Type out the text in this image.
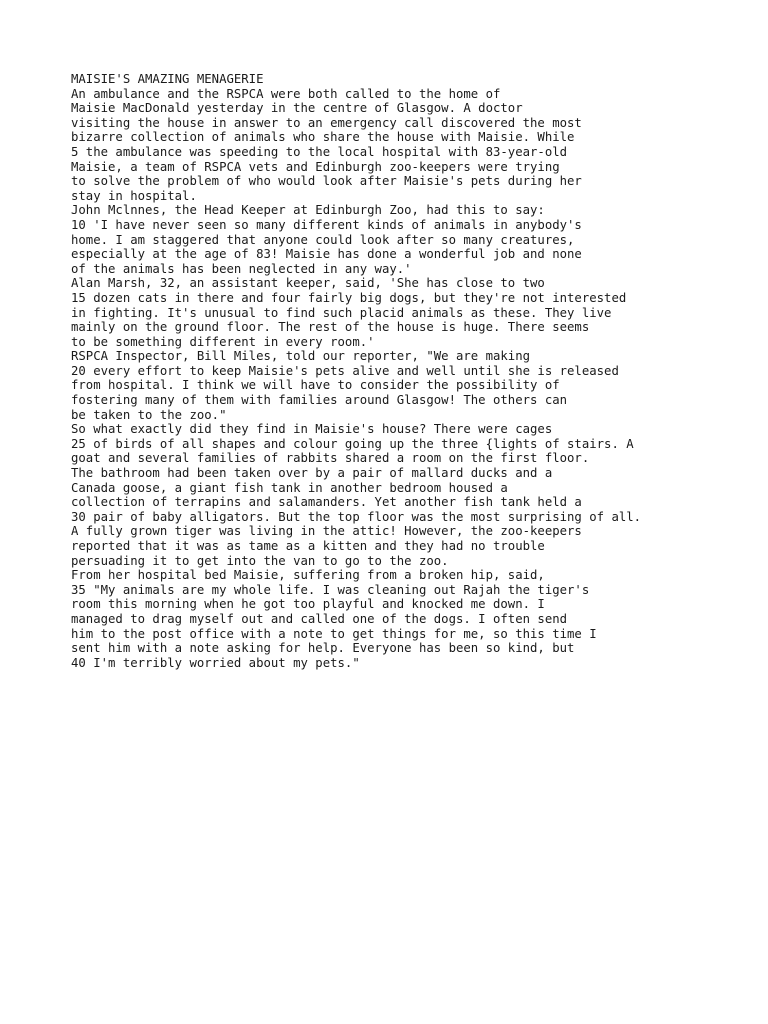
MAISIE'S AMAZING MENAGERIE

An ambulance and the RSPCA were both called to the home of

Maisie MacDonald yesterday in the centre of Glasgow. A doctor

visiting the house in answer to an emergency call discovered the most

bizarre collection of animals who share the house with Maisie. While

5 the ambulance was speeding to the local hospital with 83-year-old

Maisie, a team of RSPCA vets and Edinburgh zoo-keepers were trying

to solve the problem of who would look after Maisie's pets during her

stay in hospital.

John Mclnnes, the Head Keeper at Edinburgh Zoo, had this to say:

10 'I have never seen so many different kinds of animals in anybody's

home. I am staggered that anyone could look after so many creatures,

especially at the age of 83! Maisie has done a wonderful job and none

of the animals has been neglected in any way.'

Alan Marsh, 32, an assistant keeper, said, 'She has close to two

15 dozen cats in there and four fairly big dogs, but they're not interested

in fighting. It's unusual to find such placid animals as these. They live

mainly on the ground floor. The rest of the house is huge. There seems

to be something different in every room.'

RSPCA Inspector, Bill Miles, told our reporter, "We are making

20 every effort to keep Maisie's pets alive and well until she is released

from hospital. I think we will have to consider the possibility of

fostering many of them with families around Glasgow! The others can

be taken to the zoo."

So what exactly did they find in Maisie's house? There were cages

25 of birds of all shapes and colour going up the three {lights of stairs. A

goat and several families of rabbits shared a room on the first floor.

The bathroom had been taken over by a pair of mallard ducks and a

Canada goose, a giant fish tank in another bedroom housed a

collection of terrapins and salamanders. Yet another fish tank held a

30 pair of baby alligators. But the top floor was the most surprising of all.

A fully grown tiger was living in the attic! However, the zoo-keepers

reported that it was as tame as a kitten and they had no trouble

persuading it to get into the van to go to the zoo.

From her hospital bed Maisie, suffering from a broken hip, said,

35 "My animals are my whole life. I was cleaning out Rajah the tiger's

room this morning when he got too playful and knocked me down. I

managed to drag myself out and called one of the dogs. I often send

him to the post office with a note to get things for me, so this time I

sent him with a note asking for help. Everyone has been so kind, but

40 I'm terribly worried about my pets."
